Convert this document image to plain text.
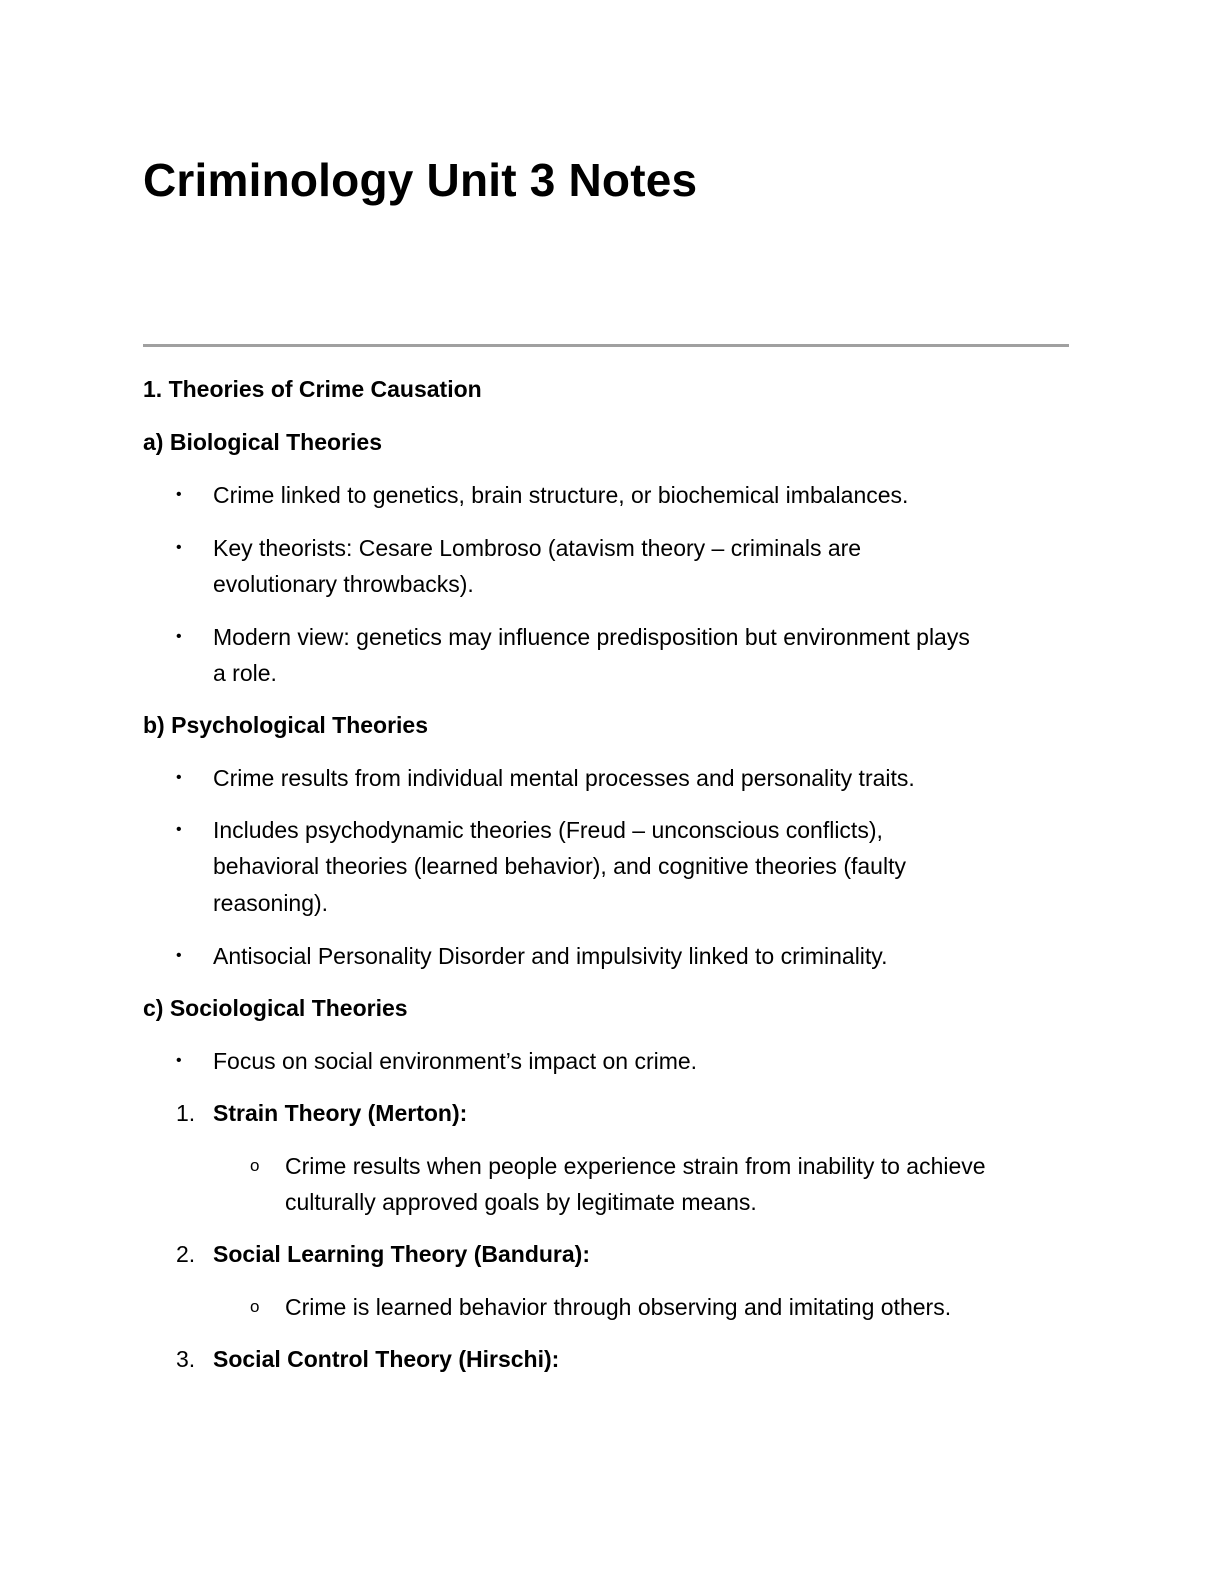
Criminology Unit 3 Notes

1. Theories of Crime Causation

a) Biological Theories

• Crime linked to genetics, brain structure, or biochemical imbalances.

• Key theorists: Cesare Lombroso (atavism theory – criminals are

evolutionary throwbacks).

• Modern view: genetics may influence predisposition but environment plays

a role.

b) Psychological Theories

• Crime results from individual mental processes and personality traits.

• Includes psychodynamic theories (Freud – unconscious conflicts),

behavioral theories (learned behavior), and cognitive theories (faulty

reasoning).

• Antisocial Personality Disorder and impulsivity linked to criminality.

c) Sociological Theories

• Focus on social environment’s impact on crime.

1. Strain Theory (Merton):

o Crime results when people experience strain from inability to achieve

culturally approved goals by legitimate means.

2. Social Learning Theory (Bandura):

o Crime is learned behavior through observing and imitating others.

3. Social Control Theory (Hirschi):
